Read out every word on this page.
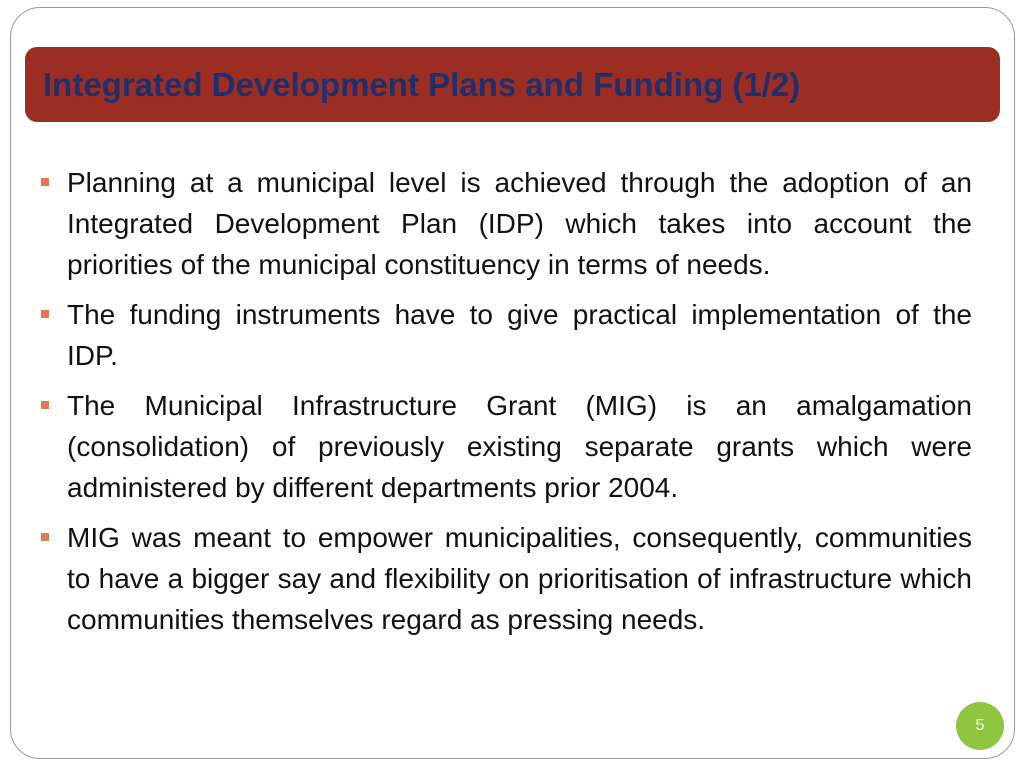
Integrated Development Plans and Funding (1/2)
Planning at a municipal level is achieved through the adoption of an Integrated Development Plan (IDP) which takes into account the priorities of the municipal constituency in terms of needs.
The funding instruments have to give practical implementation of the IDP.
The Municipal Infrastructure Grant (MIG) is an amalgamation (consolidation) of previously existing separate grants which were administered by different departments prior 2004.
MIG was meant to empower municipalities, consequently, communities to have a bigger say and flexibility on prioritisation of infrastructure which communities themselves regard as pressing needs.
5
